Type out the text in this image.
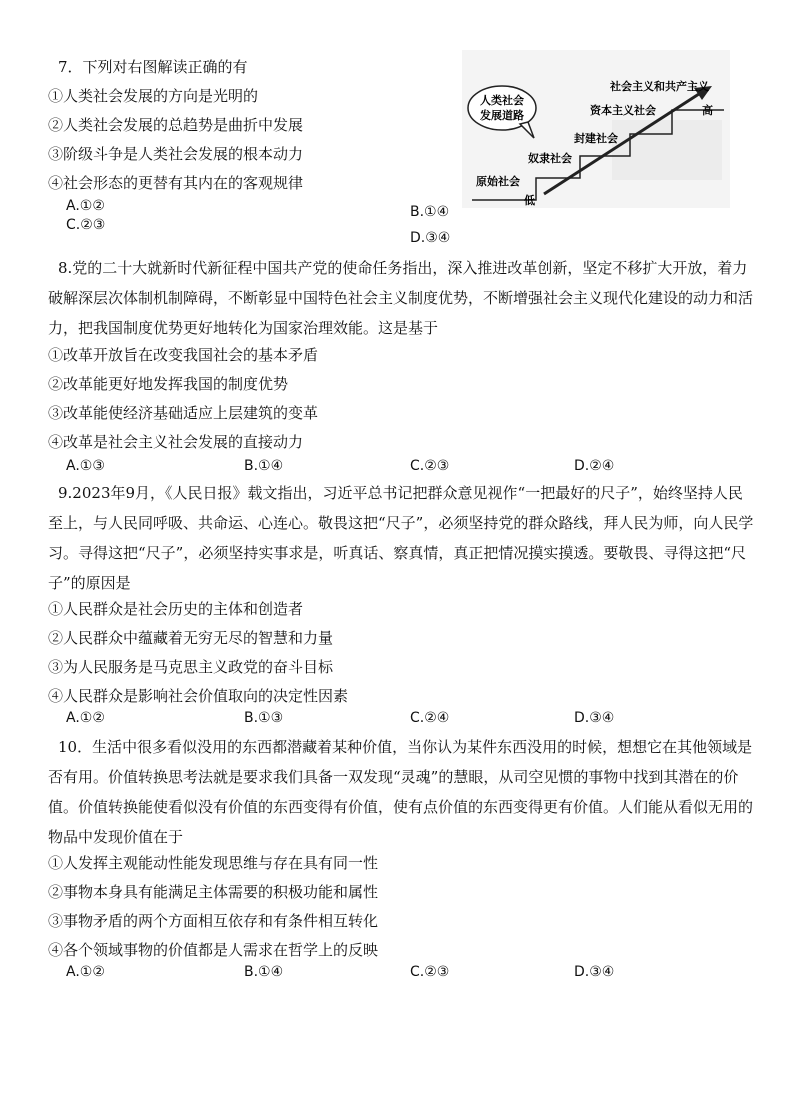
7．下列对右图解读正确的有
①人类社会发展的方向是光明的
②人类社会发展的总趋势是曲折中发展
③阶级斗争是人类社会发展的根本动力
④社会形态的更替有其内在的客观规律
A.①②	B.①④
C.②③
D.③④
人类社会
发展道路
原始社会
奴隶社会
封建社会
资本主义社会
社会主义和共产主义
高
低
8.党的二十大就新时代新征程中国共产党的使命任务指出，深入推进改革创新，坚定不移扩大开放，着力破解深层次体制机制障碍，不断彰显中国特色社会主义制度优势，不断增强社会主义现代化建设的动力和活力，把我国制度优势更好地转化为国家治理效能。这是基于
①改革开放旨在改变我国社会的基本矛盾
②改革能更好地发挥我国的制度优势
③改革能使经济基础适应上层建筑的变革
④改革是社会主义社会发展的直接动力
A.①③	B.①④	C.②③	D.②④
9.2023年9月，《人民日报》载文指出，习近平总书记把群众意见视作“一把最好的尺子”，始终坚持人民至上，与人民同呼吸、共命运、心连心。敬畏这把“尺子”，必须坚持党的群众路线，拜人民为师，向人民学习。寻得这把“尺子”，必须坚持实事求是，听真话、察真情，真正把情况摸实摸透。要敬畏、寻得这把“尺子”的原因是
①人民群众是社会历史的主体和创造者
②人民群众中蕴藏着无穷无尽的智慧和力量
③为人民服务是马克思主义政党的奋斗目标
④人民群众是影响社会价值取向的决定性因素
A.①②	B.①③	C.②④	D.③④
10．生活中很多看似没用的东西都潜藏着某种价值，当你认为某件东西没用的时候，想想它在其他领域是否有用。价值转换思考法就是要求我们具备一双发现“灵魂”的慧眼，从司空见惯的事物中找到其潜在的价值。价值转换能使看似没有价值的东西变得有价值，使有点价值的东西变得更有价值。人们能从看似无用的物品中发现价值在于
①人发挥主观能动性能发现思维与存在具有同一性
②事物本身具有能满足主体需要的积极功能和属性
③事物矛盾的两个方面相互依存和有条件相互转化
④各个领域事物的价值都是人需求在哲学上的反映
A.①②	B.①④	C.②③	D.③④
